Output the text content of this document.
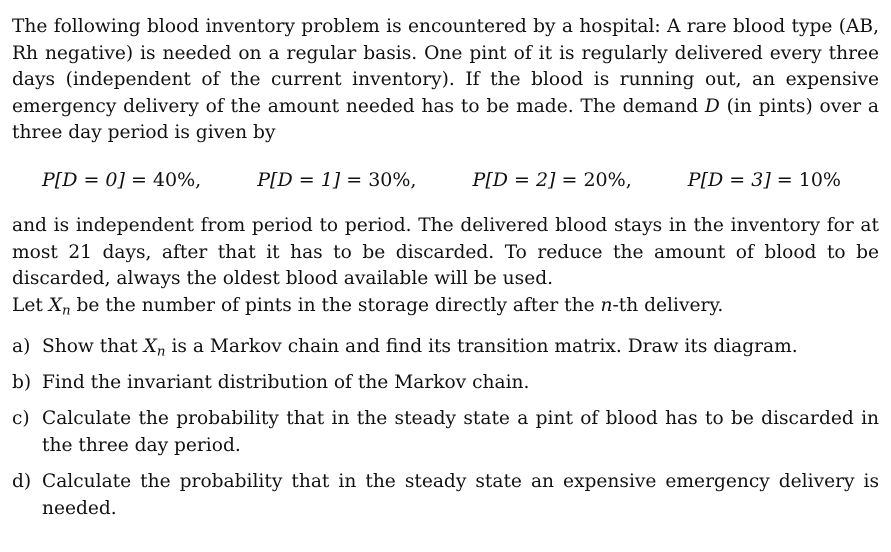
The following blood inventory problem is encountered by a hospital: A rare blood type (AB, Rh negative) is needed on a regular basis. One pint of it is regularly delivered every three days (independent of the current inventory). If the blood is running out, an expensive emergency delivery of the amount needed has to be made. The demand D (in pints) over a three day period is given by

P[D = 0] = 40%,	P[D = 1] = 30%,	P[D = 2] = 20%,	P[D = 3] = 10%

and is independent from period to period. The delivered blood stays in the inventory for at most 21 days, after that it has to be discarded. To reduce the amount of blood to be discarded, always the oldest blood available will be used.

Let $X_n$ be the number of pints in the storage directly after the n-th delivery.

a) Show that $X_n$ is a Markov chain and find its transition matrix. Draw its diagram.
b) Find the invariant distribution of the Markov chain.
c) Calculate the probability that in the steady state a pint of blood has to be discarded in the three day period.
d) Calculate the probability that in the steady state an expensive emergency delivery is needed.
